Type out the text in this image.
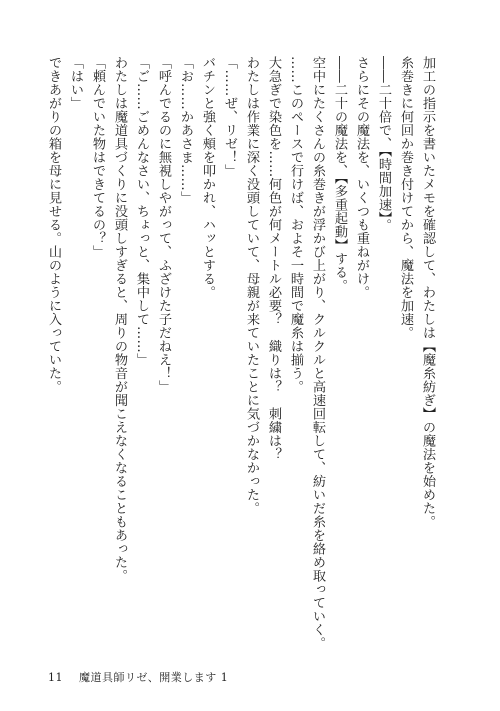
加工の指示を書いたメモを確認して、わたしは【魔糸紡ぎ】の魔法を始めた。
糸巻きに何回か巻き付けてから、魔法を加速。
――二十倍で、【時間加速】。
さらにその魔法を、いくつも重ねがけ。
――二十の魔法を、【多重起動】する。
空中にたくさんの糸巻きが浮かび上がり、クルクルと高速回転して、紡いだ糸を絡め取っていく。
……このペースで行けば、およそ一時間で魔糸は揃う。
大急ぎで染色を……何色が何メートル必要？　織りは？　刺繍は？
わたしは作業に深く没頭していて、母親が来ていたことに気づかなかった。
「……ぜ、リゼ！」
バチンと強く頰を叩かれ、ハッとする。
「お……かあさま……」
「呼んでるのに無視しやがって、ふざけた子だねえ！」
「ご……ごめんなさい、ちょっと、集中して……」
わたしは魔道具づくりに没頭しすぎると、周りの物音が聞こえなくなることもあった。
「頼んでいた物はできてるの？」
「はい」
できあがりの箱を母に見せる。山のように入っていた。

11 魔道具師リゼ、開業します 1
